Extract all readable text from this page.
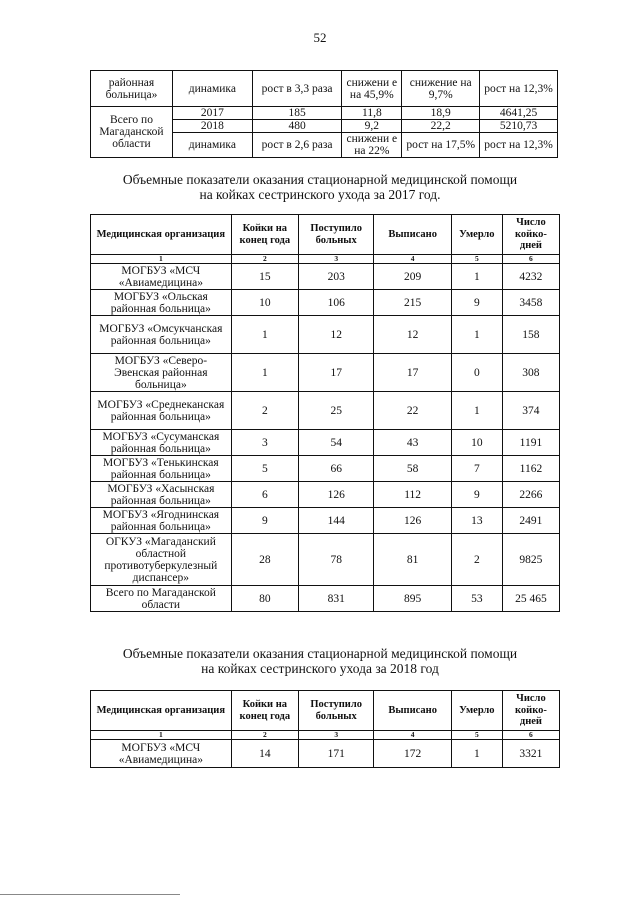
52
районная больница»	динамика	рост в 3,3 раза	снижени е на 45,9%	снижение на 9,7%	рост на 12,3%
Всего по Магаданской области	2017	185	11,8	18,9	4641,25
	2018	480	9,2	22,2	5210,73
	динамика	рост в 2,6 раза	снижени е на 22%	рост на 17,5%	рост на 12,3%
Объемные показатели оказания стационарной медицинской помощи
на койках сестринского ухода за 2017 год.
Медицинская организация	Койки на конец года	Поступило больных	Выписано	Умерло	Число койко-дней
1	2	3	4	5	6
МОГБУЗ «МСЧ «Авиамедицина»	15	203	209	1	4232
МОГБУЗ «Ольская районная больница»	10	106	215	9	3458
МОГБУЗ «Омсукчанская районная больница»	1	12	12	1	158
МОГБУЗ «Северо-Эвенская районная больница»	1	17	17	0	308
МОГБУЗ «Среднеканская районная больница»	2	25	22	1	374
МОГБУЗ «Сусуманская районная больница»	3	54	43	10	1191
МОГБУЗ «Тенькинская районная больница»	5	66	58	7	1162
МОГБУЗ «Хасынская районная больница»	6	126	112	9	2266
МОГБУЗ «Ягоднинская районная больница»	9	144	126	13	2491
ОГКУЗ «Магаданский областной противотуберкулезный диспансер»	28	78	81	2	9825
Всего по Магаданской области	80	831	895	53	25 465
Объемные показатели оказания стационарной медицинской помощи
на койках сестринского ухода за 2018 год
Медицинская организация	Койки на конец года	Поступило больных	Выписано	Умерло	Число койко-дней
1	2	3	4	5	6
МОГБУЗ «МСЧ «Авиамедицина»	14	171	172	1	3321
